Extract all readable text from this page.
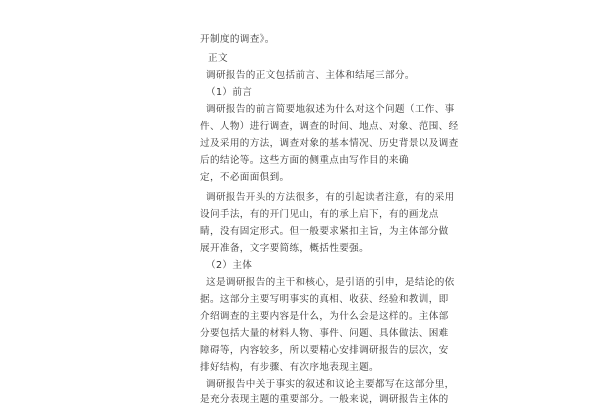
开制度的调查》。
正文
调研报告的正文包括前言、主体和结尾三部分。
（1）前言
调研报告的前言简要地叙述为什么对这个问题（工作、事
件、人物）进行调查，调查的时间、地点、对象、范围、经
过及采用的方法，调查对象的基本情况、历史背景以及调查
后的结论等。这些方面的侧重点由写作目的来确
定，不必面面俱到。
调研报告开头的方法很多，有的引起读者注意，有的采用
设问手法，有的开门见山，有的承上启下，有的画龙点
睛，没有固定形式。但一般要求紧扣主旨，为主体部分做
展开准备，文字要简练，概括性要强。
（2）主体
这是调研报告的主干和核心，是引语的引申，是结论的依
据。这部分主要写明事实的真相、收获、经验和教训，即
介绍调查的主要内容是什么，为什么会是这样的。主体部
分要包括大量的材料人物、事件、问题、具体做法、困难
障碍等，内容较多，所以要精心安排调研报告的层次，安
排好结构，有步骤、有次序地表现主题。
调研报告中关于事实的叙述和议论主要都写在这部分里，
是充分表现主题的重要部分。一般来说，调研报告主体的
